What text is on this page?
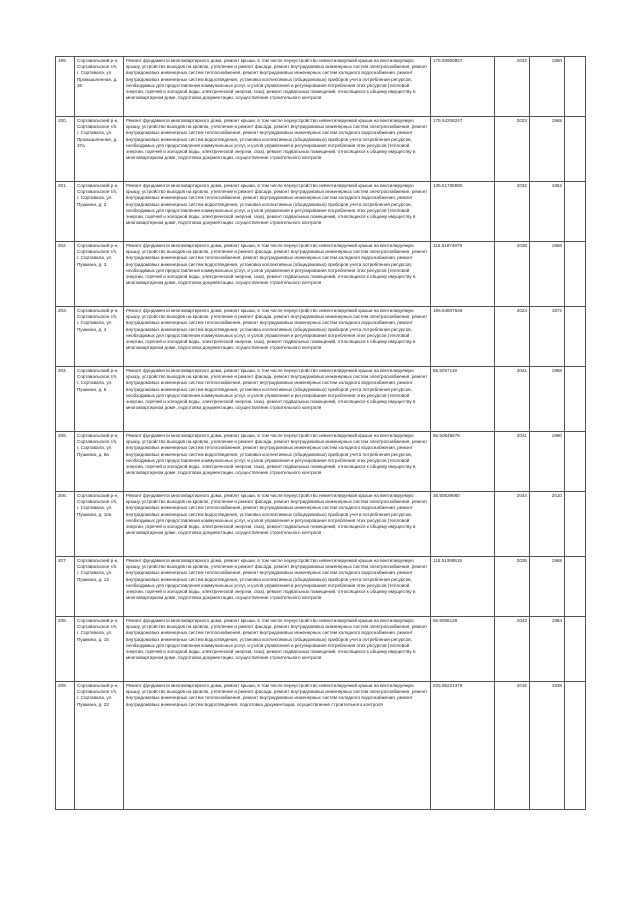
199.	Сортавальский р-н, Сортавальское г/п, г. Сортавала, ул. Промышленная, д. 36	Ремонт фундамента многоквартирного дома, ремонт крыши, в том числе переустройство невентилируемой крыши на вентилируемую крышу, устройство выходов на кровлю, утепление и ремонт фасада, ремонт внутридомовых инженерных систем электроснабжения, ремонт внутридомовых инженерных систем теплоснабжения, ремонт внутридомовых инженерных систем холодного водоснабжения, ремонт внутридомовых инженерных систем водоотведения, установка коллективных (общедомовых) приборов учета потребления ресурсов, необходимых для предоставления коммунальных услуг, и узлов управления и регулирования потребления этих ресурсов (тепловой энергии, горячей и холодной воды, электрической энергии, газа), ремонт подвальных помещений, относящихся к общему имуществу в многоквартирном доме, подготовка документации, осуществление строительного контроля	175.50900857	2032	1950	
200.	Сортавальский р-н, Сортавальское г/п, г. Сортавала, ул. Промышленная, д. 37а	Ремонт фундамента многоквартирного дома, ремонт крыши, в том числе переустройство невентилируемой крыши на вентилируемую крышу, устройство выходов на кровлю, утепление и ремонт фасада, ремонт внутридомовых инженерных систем электроснабжения, ремонт внутридомовых инженерных систем теплоснабжения, ремонт внутридомовых инженерных систем холодного водоснабжения, ремонт внутридомовых инженерных систем водоотведения, установка коллективных (общедомовых) приборов учета потребления ресурсов, необходимых для предоставления коммунальных услуг, и узлов управления и регулирования потребления этих ресурсов (тепловой энергии, горячей и холодной воды, электрической энергии, газа), ремонт подвальных помещений, относящихся к общему имуществу в многоквартирном доме, подготовка документации, осуществление строительного контроля	175.54208247	2023	1965	
201.	Сортавальский р-н, Сортавальское г/п, г. Сортавала, ул. Пушкина, д. 2	Ремонт фундамента многоквартирного дома, ремонт крыши, в том числе переустройство невентилируемой крыши на вентилируемую крышу, устройство выходов на кровлю, утепление и ремонт фасада, ремонт внутридомовых инженерных систем электроснабжения, ремонт внутридомовых инженерных систем теплоснабжения, ремонт внутридомовых инженерных систем холодного водоснабжения, ремонт внутридомовых инженерных систем водоотведения, установка коллективных (общедомовых) приборов учета потребления ресурсов, необходимых для предоставления коммунальных услуг, и узлов управления и регулирования потребления этих ресурсов (тепловой энергии, горячей и холодной воды, электрической энергии, газа), ремонт подвальных помещений, относящихся к общему имуществу в многоквартирном доме, подготовка документации, осуществление строительного контроля	135.51708690	2032	1962	
202.	Сортавальский р-н, Сортавальское г/п, г. Сортавала, ул. Пушкина, д. 3	Ремонт фундамента многоквартирного дома, ремонт крыши, в том числе переустройство невентилируемой крыши на вентилируемую крышу, устройство выходов на кровлю, утепление и ремонт фасада, ремонт внутридомовых инженерных систем электроснабжения, ремонт внутридомовых инженерных систем теплоснабжения, ремонт внутридомовых инженерных систем холодного водоснабжения, ремонт внутридомовых инженерных систем водоотведения, установка коллективных (общедомовых) приборов учета потребления ресурсов, необходимых для предоставления коммунальных услуг, и узлов управления и регулирования потребления этих ресурсов (тепловой энергии, горячей и холодной воды, электрической энергии, газа), ремонт подвальных помещений, относящихся к общему имуществу в многоквартирном доме, подготовка документации, осуществление строительного контроля	115.51874979	2036	1956	
203.	Сортавальский р-н, Сортавальское г/п, г. Сортавала, ул. Пушкина, д. 4	Ремонт фундамента многоквартирного дома, ремонт крыши, в том числе переустройство невентилируемой крыши на вентилируемую крышу, устройство выходов на кровлю, утепление и ремонт фасада, ремонт внутридомовых инженерных систем электроснабжения, ремонт внутридомовых инженерных систем теплоснабжения, ремонт внутридомовых инженерных систем холодного водоснабжения, ремонт внутридомовых инженерных систем водоотведения, установка коллективных (общедомовых) приборов учета потребления ресурсов, необходимых для предоставления коммунальных услуг, и узлов управления и регулирования потребления этих ресурсов (тепловой энергии, горячей и холодной воды, электрической энергии, газа), ремонт подвальных помещений, относящихся к общему имуществу в многоквартирном доме, подготовка документации, осуществление строительного контроля	195.54807646	2024	1972	
204.	Сортавальский р-н, Сортавальское г/п, г. Сортавала, ул. Пушкина, д. 5	Ремонт фундамента многоквартирного дома, ремонт крыши, в том числе переустройство невентилируемой крыши на вентилируемую крышу, устройство выходов на кровлю, утепление и ремонт фасада, ремонт внутридомовых инженерных систем электроснабжения, ремонт внутридомовых инженерных систем теплоснабжения, ремонт внутридомовых инженерных систем холодного водоснабжения, ремонт внутридомовых инженерных систем водоотведения, установка коллективных (общедомовых) приборов учета потребления ресурсов, необходимых для предоставления коммунальных услуг, и узлов управления и регулирования потребления этих ресурсов (тепловой энергии, горячей и холодной воды, электрической энергии, газа), ремонт подвальных помещений, относящихся к общему имуществу в многоквартирном доме, подготовка документации, осуществление строительного контроля	85.5027119	2041	1988	
205.	Сортавальский р-н, Сортавальское г/п, г. Сортавала, ул. Пушкина, д. 6а	Ремонт фундамента многоквартирного дома, ремонт крыши, в том числе переустройство невентилируемой крыши на вентилируемую крышу, устройство выходов на кровлю, утепление и ремонт фасада, ремонт внутридомовых инженерных систем электроснабжения, ремонт внутридомовых инженерных систем теплоснабжения, ремонт внутридомовых инженерных систем холодного водоснабжения, ремонт внутридомовых инженерных систем водоотведения, установка коллективных (общедомовых) приборов учета потребления ресурсов, необходимых для предоставления коммунальных услуг, и узлов управления и регулирования потребления этих ресурсов (тепловой энергии, горячей и холодной воды, электрической энергии, газа), ремонт подвальных помещений, относящихся к общему имуществу в многоквартирном доме, подготовка документации, осуществление строительного контроля	65.50849875	2041	1980	
206.	Сортавальский р-н, Сортавальское г/п, г. Сортавала, ул. Пушкина, д. 10а	Ремонт фундамента многоквартирного дома, ремонт крыши, в том числе переустройство невентилируемой крыши на вентилируемую крышу, устройство выходов на кровлю, утепление и ремонт фасада, ремонт внутридомовых инженерных систем электроснабжения, ремонт внутридомовых инженерных систем теплоснабжения, ремонт внутридомовых инженерных систем холодного водоснабжения, ремонт внутридомовых инженерных систем водоотведения, установка коллективных (общедомовых) приборов учета потребления ресурсов, необходимых для предоставления коммунальных услуг, и узлов управления и регулирования потребления этих ресурсов (тепловой энергии, горячей и холодной воды, электрической энергии, газа), ремонт подвальных помещений, относящихся к общему имуществу в многоквартирном доме, подготовка документации, осуществление строительного контроля	35.50539960	2044	2010	
207.	Сортавальский р-н, Сортавальское г/п, г. Сортавала, ул. Пушкина, д. 13	Ремонт фундамента многоквартирного дома, ремонт крыши, в том числе переустройство невентилируемой крыши на вентилируемую крышу, устройство выходов на кровлю, утепление и ремонт фасада, ремонт внутридомовых инженерных систем электроснабжения, ремонт внутридомовых инженерных систем теплоснабжения, ремонт внутридомовых инженерных систем холодного водоснабжения, ремонт внутридомовых инженерных систем водоотведения, установка коллективных (общедомовых) приборов учета потребления ресурсов, необходимых для предоставления коммунальных услуг, и узлов управления и регулирования потребления этих ресурсов (тепловой энергии, горячей и холодной воды, электрической энергии, газа), ремонт подвальных помещений, относящихся к общему имуществу в многоквартирном доме, подготовка документации, осуществление строительного контроля	115.51398615	2035	1968	
208.	Сортавальский р-н, Сортавальское г/п, г. Сортавала, ул. Пушкина, д. 15	Ремонт фундамента многоквартирного дома, ремонт крыши, в том числе переустройство невентилируемой крыши на вентилируемую крышу, устройство выходов на кровлю, утепление и ремонт фасада, ремонт внутридомовых инженерных систем электроснабжения, ремонт внутридомовых инженерных систем теплоснабжения, ремонт внутридомовых инженерных систем холодного водоснабжения, ремонт внутридомовых инженерных систем водоотведения, установка коллективных (общедомовых) приборов учета потребления ресурсов, необходимых для предоставления коммунальных услуг, и узлов управления и регулирования потребления этих ресурсов (тепловой энергии, горячей и холодной воды, электрической энергии, газа), ремонт подвальных помещений, относящихся к общему имуществу в многоквартирном доме, подготовка документации, осуществление строительного контроля	55.5055129	2043	1984	
209.	Сортавальский р-н, Сортавальское г/п, г. Сортавала, ул. Пушкина, д. 23	Ремонт фундамента многоквартирного дома, ремонт крыши, в том числе переустройство невентилируемой крыши на вентилируемую крышу, устройство выходов на кровлю, утепление и ремонт фасада, ремонт внутридомовых инженерных систем электроснабжения, ремонт внутридомовых инженерных систем теплоснабжения, ремонт внутридомовых инженерных систем холодного водоснабжения, ремонт внутридомовых инженерных систем водоотведения, подготовка документации, осуществление строительного контроля	225.56221379	2016	1938	
